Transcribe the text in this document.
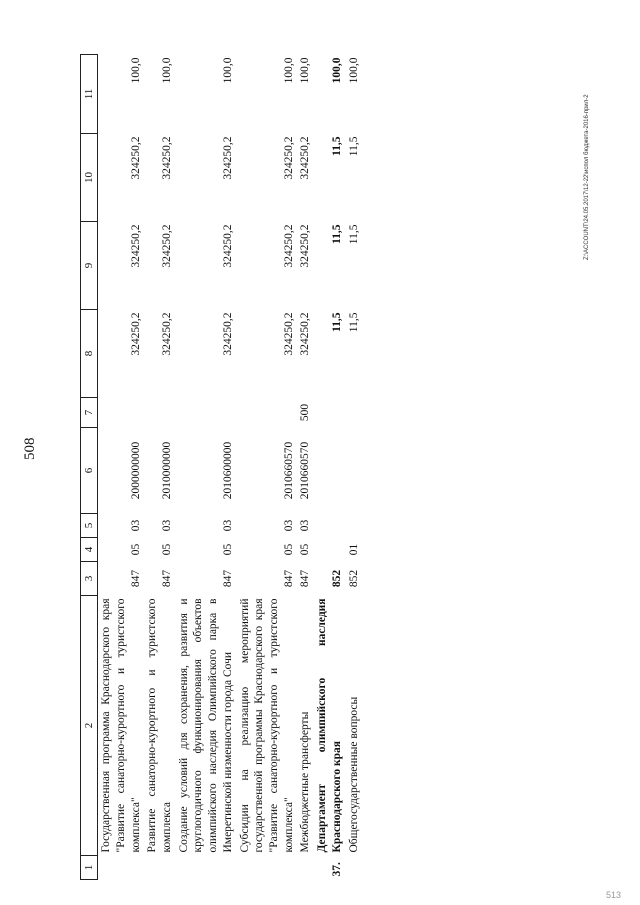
508
1	2	3	4	5	6	7	8	9	10	11
	Государственная программа Краснодарского края "Развитие санаторно-курортного и туристского комплекса"	847	05	03	2000000000		324250,2	324250,2	324250,2	100,0
	Развитие санаторно-курортного и туристского комплекса	847	05	03	2010000000		324250,2	324250,2	324250,2	100,0
	Создание условий для сохранения, развития и круглогодичного функционирования объектов олимпийского наследия Олимпийского парка в Имеретинской низменности города Сочи	847	05	03	2010600000		324250,2	324250,2	324250,2	100,0
	Субсидии на реализацию мероприятий государственной программы Краснодарского края "Развитие санаторно-курортного и туристского комплекса"	847	05	03	2010660570		324250,2	324250,2	324250,2	100,0
	Межбюджетные трансферты	847	05	03	2010660570	500	324250,2	324250,2	324250,2	100,0
37.	Департамент олимпийского наследия Краснодарского края	852					11,5	11,5	11,5	100,0
	Общегосударственные вопросы	852	01				11,5	11,5	11,5	100,0
Z:\ACCOUNT\24.05.2017\12-22\испол бюджета-2016-прил-2
513
